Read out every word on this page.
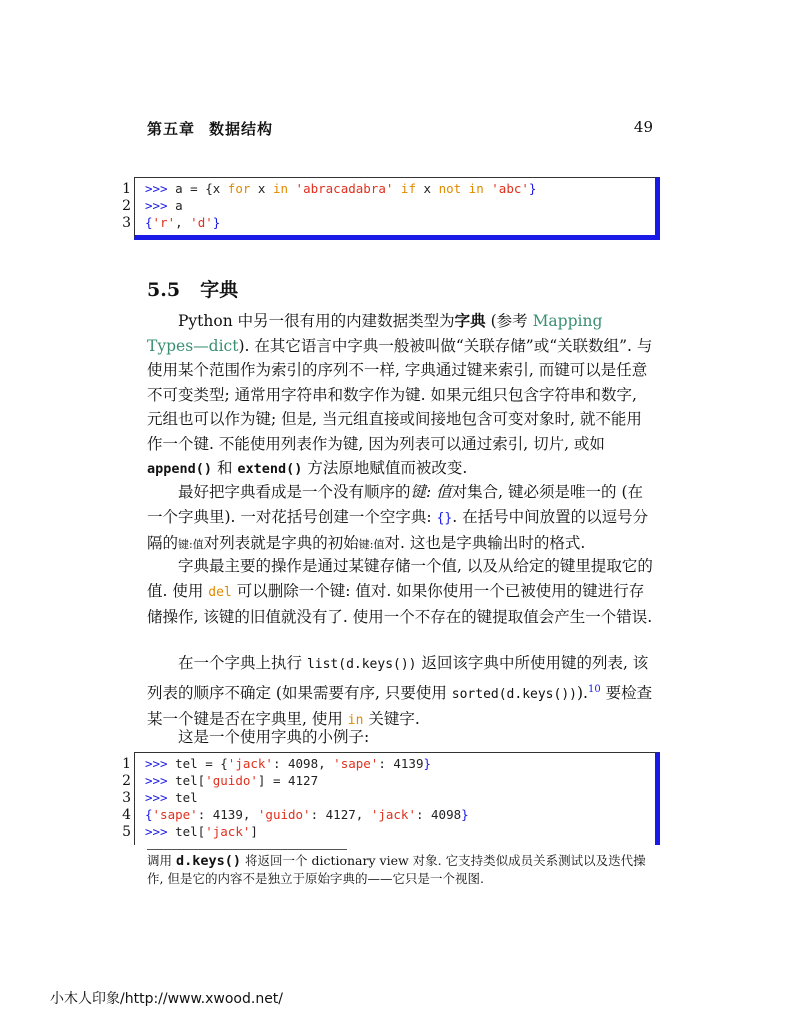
第五章 数据结构	49
1 >>> a = {x for x in 'abracadabra' if x not in 'abc'}
2 >>> a
3 {'r', 'd'}
5.5 字典
Python 中另一很有用的内建数据类型为字典 (参考 Mapping Types—dict). 在其它语言中字典一般被叫做“关联存储”或“关联数组”. 与使用某个范围作为索引的序列不一样, 字典通过键来索引, 而键可以是任意不可变类型; 通常用字符串和数字作为键. 如果元组只包含字符串和数字, 元组也可以作为键; 但是, 当元组直接或间接地包含可变对象时, 就不能用作一个键. 不能使用列表作为键, 因为列表可以通过索引, 切片, 或如 append() 和 extend() 方法原地赋值而被改变.
最好把字典看成是一个没有顺序的键: 值对集合, 键必须是唯一的 (在一个字典里). 一对花括号创建一个空字典: {}. 在括号中间放置的以逗号分隔的键:值对列表就是字典的初始键:值对. 这也是字典输出时的格式.
字典最主要的操作是通过某键存储一个值, 以及从给定的键里提取它的值. 使用 del 可以删除一个键: 值对. 如果你使用一个已被使用的键进行存储操作, 该键的旧值就没有了. 使用一个不存在的键提取值会产生一个错误.
在一个字典上执行 list(d.keys()) 返回该字典中所使用键的列表, 该列表的顺序不确定 (如果需要有序, 只要使用 sorted(d.keys())).$^{10}$ 要检查某一个键是否在字典里, 使用 in 关键字.
这是一个使用字典的小例子:
1 >>> tel = {'jack': 4098, 'sape': 4139}
2 >>> tel['guido'] = 4127
3 >>> tel
4 {'sape': 4139, 'guido': 4127, 'jack': 4098}
5 >>> tel['jack']
调用 d.keys() 将返回一个 dictionary view 对象. 它支持类似成员关系测试以及迭代操作, 但是它的内容不是独立于原始字典的——它只是一个视图.
小木人印象/http://www.xwood.net/
